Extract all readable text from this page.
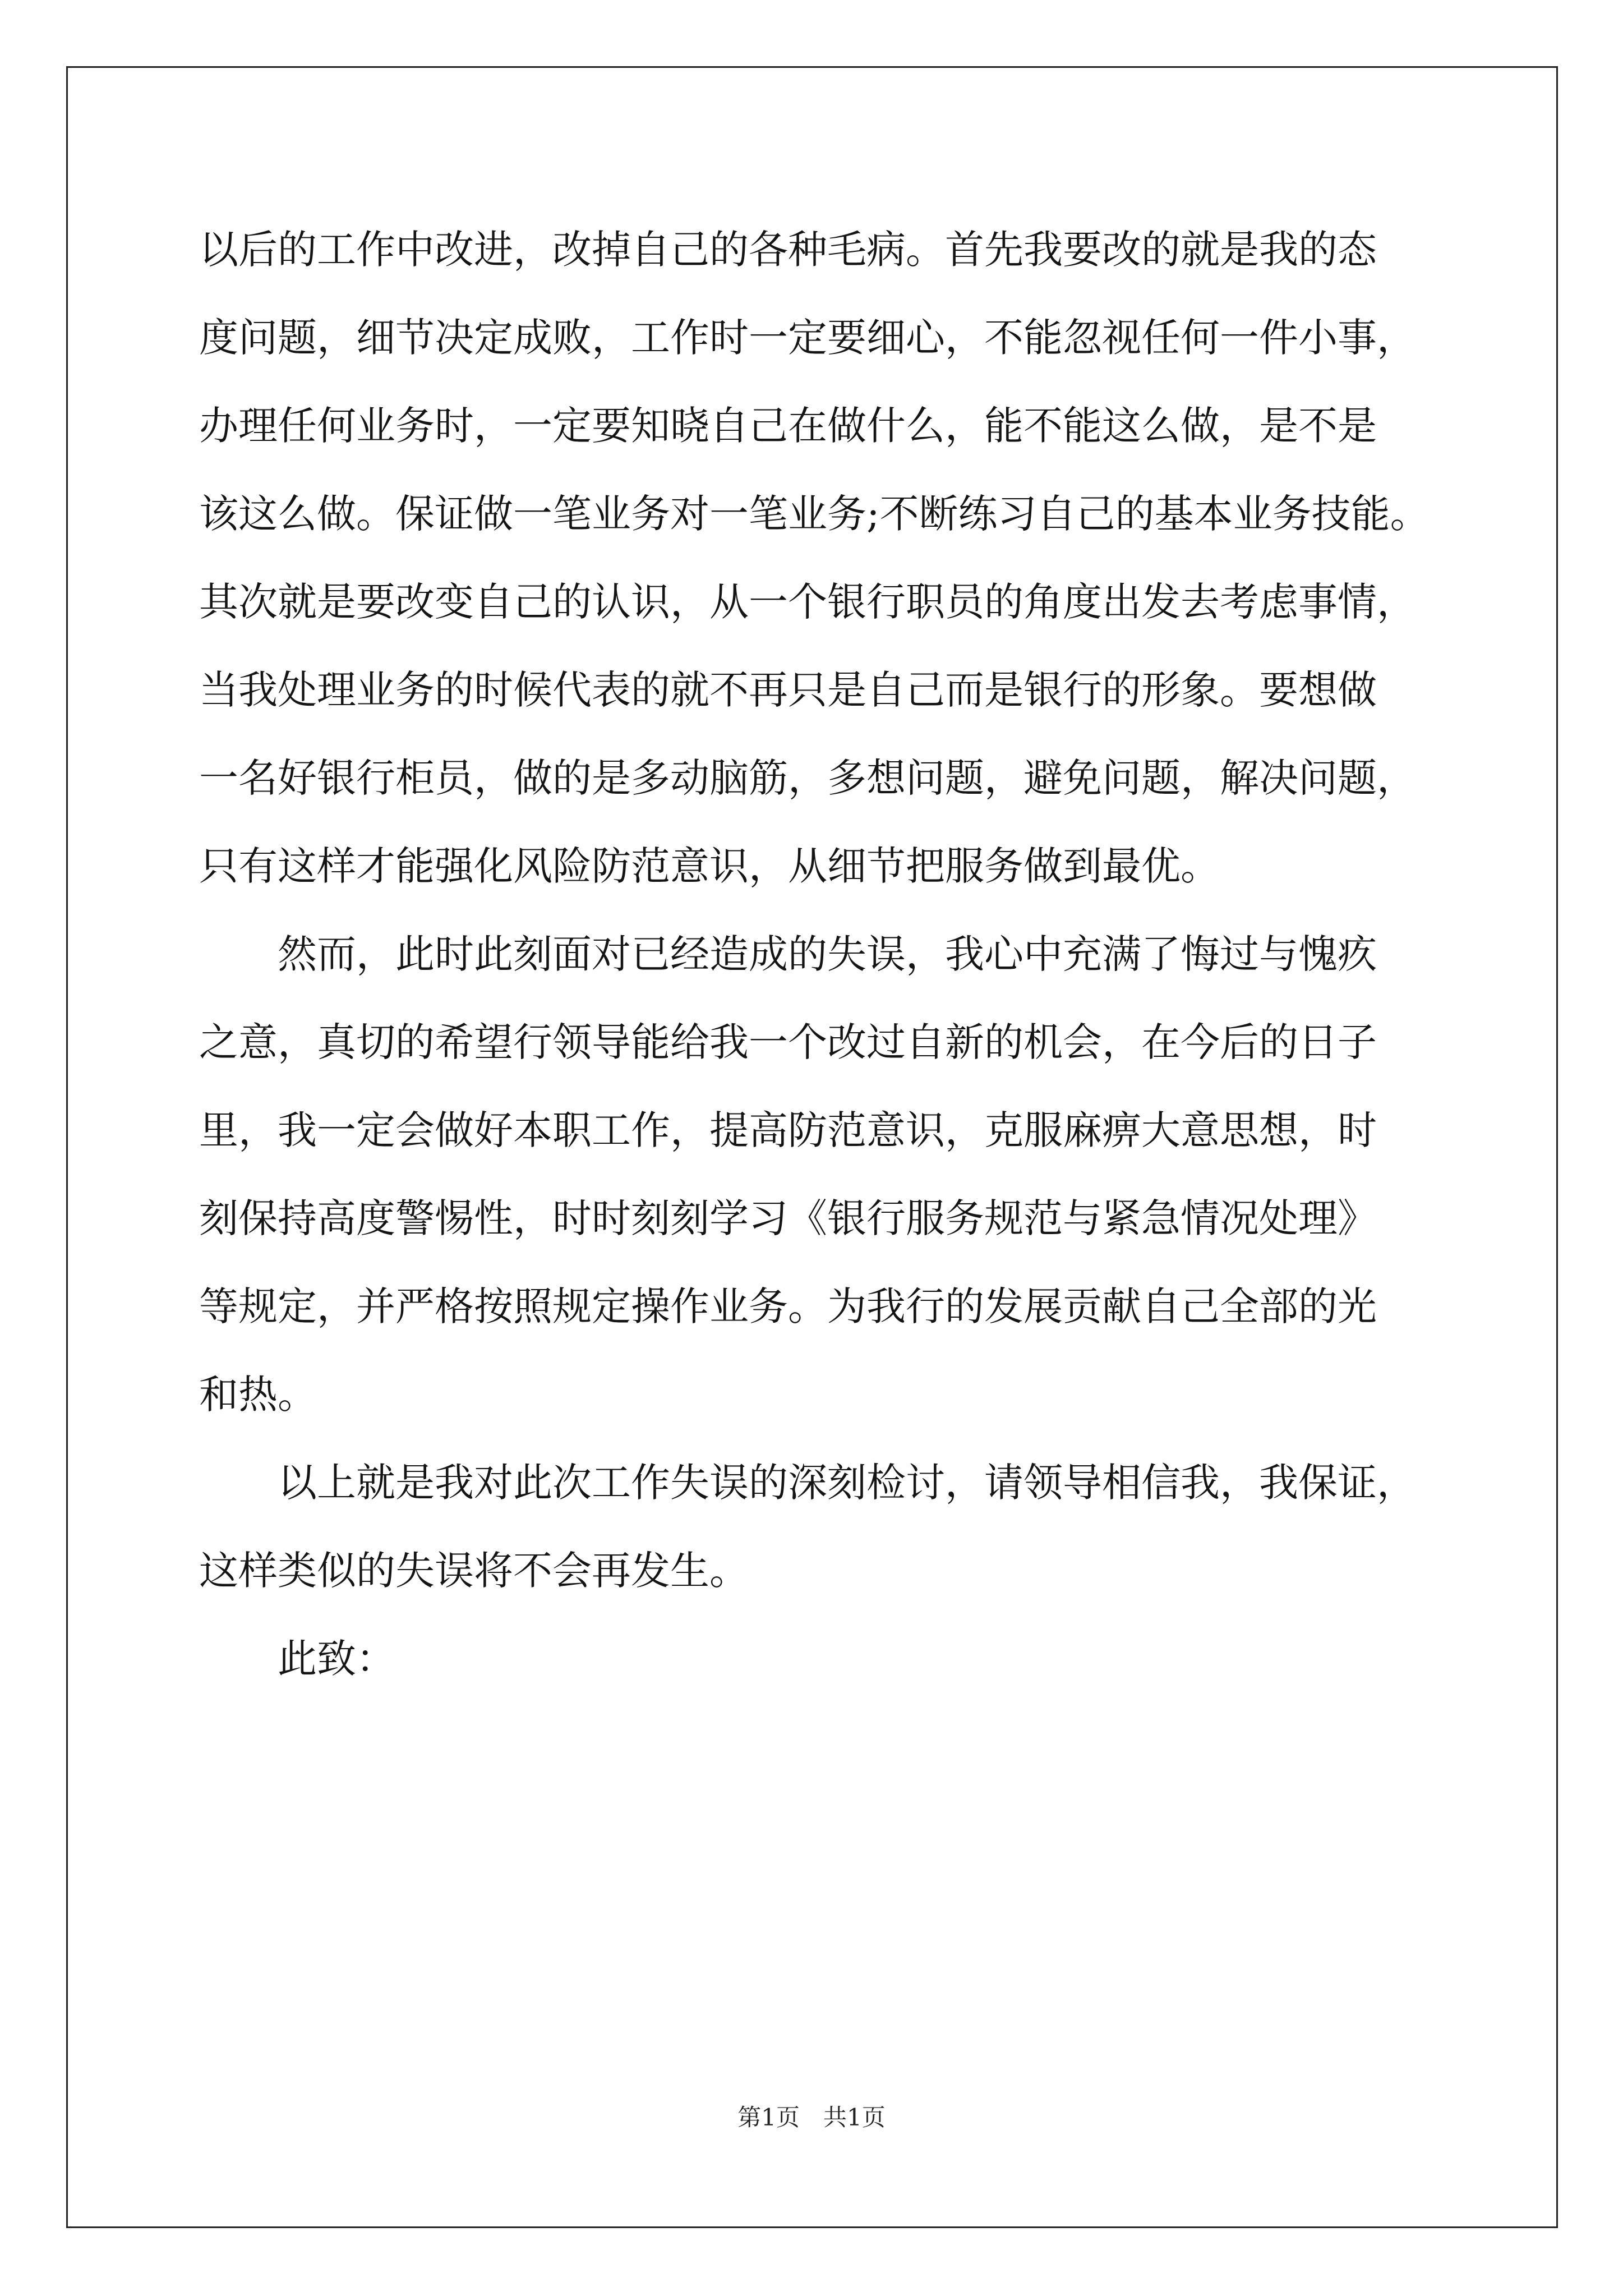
以后的工作中改进，改掉自己的各种毛病。首先我要改的就是我的态
度问题，细节决定成败，工作时一定要细心，不能忽视任何一件小事，
办理任何业务时，一定要知晓自己在做什么，能不能这么做，是不是
该这么做。保证做一笔业务对一笔业务;不断练习自己的基本业务技能。
其次就是要改变自己的认识，从一个银行职员的角度出发去考虑事情，
当我处理业务的时候代表的就不再只是自己而是银行的形象。要想做
一名好银行柜员，做的是多动脑筋，多想问题，避免问题，解决问题，
只有这样才能强化风险防范意识，从细节把服务做到最优。
　　然而，此时此刻面对已经造成的失误，我心中充满了悔过与愧疚
之意，真切的希望行领导能给我一个改过自新的机会，在今后的日子
里，我一定会做好本职工作，提高防范意识，克服麻痹大意思想，时
刻保持高度警惕性，时时刻刻学习《银行服务规范与紧急情况处理》
等规定，并严格按照规定操作业务。为我行的发展贡献自己全部的光
和热。
　　以上就是我对此次工作失误的深刻检讨，请领导相信我，我保证，
这样类似的失误将不会再发生。
　　此致：
第1页　共1页
